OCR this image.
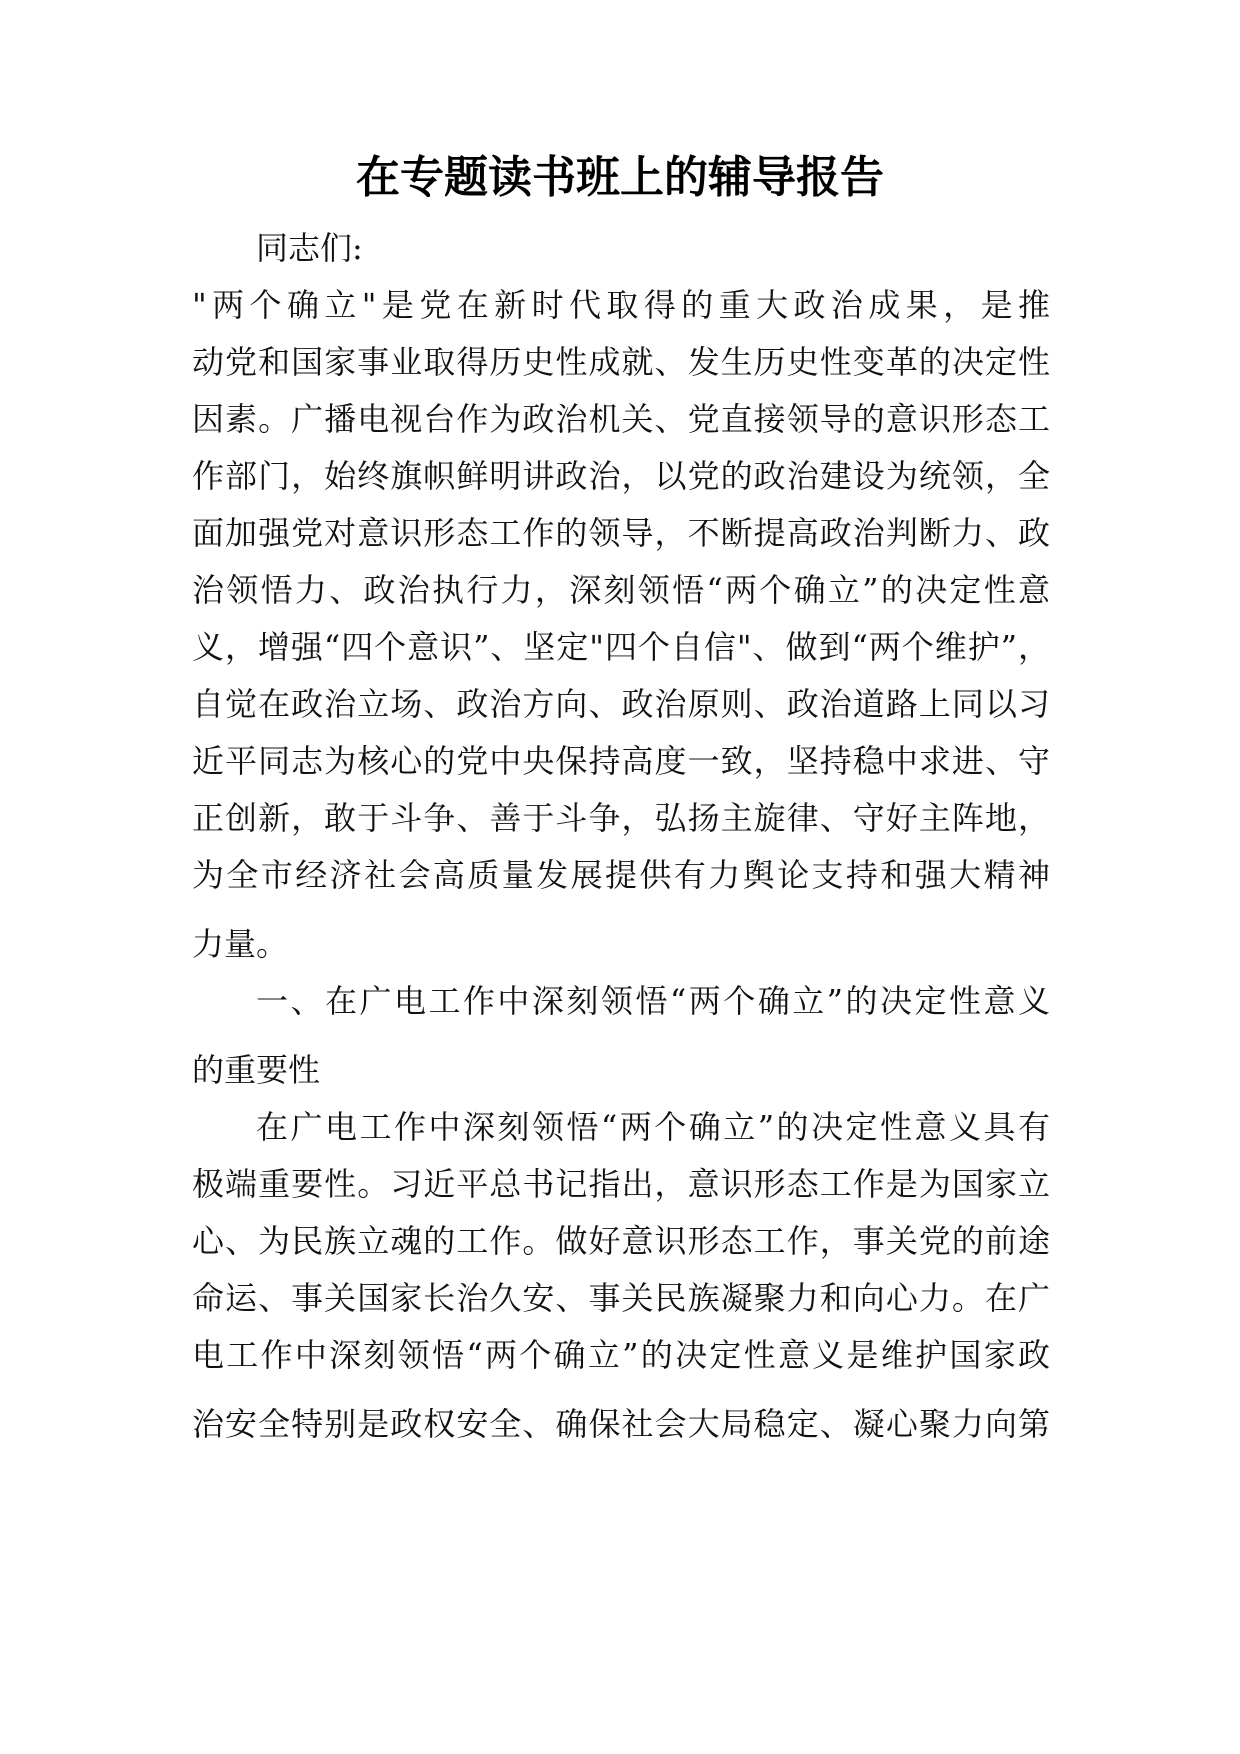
在专题读书班上的辅导报告
同志们:
"两个确立"是党在新时代取得的重大政治成果，是推
动党和国家事业取得历史性成就、发生历史性变革的决定性
因素。广播电视台作为政治机关、党直接领导的意识形态工
作部门，始终旗帜鲜明讲政治，以党的政治建设为统领，全
面加强党对意识形态工作的领导，不断提高政治判断力、政
治领悟力、政治执行力，深刻领悟“两个确立”的决定性意
义，增强“四个意识”、坚定"四个自信"、做到“两个维护”，
自觉在政治立场、政治方向、政治原则、政治道路上同以习
近平同志为核心的党中央保持高度一致，坚持稳中求进、守
正创新，敢于斗争、善于斗争，弘扬主旋律、守好主阵地，
为全市经济社会高质量发展提供有力舆论支持和强大精神
力量。
一、在广电工作中深刻领悟“两个确立”的决定性意义
的重要性
在广电工作中深刻领悟“两个确立”的决定性意义具有
极端重要性。习近平总书记指出，意识形态工作是为国家立
心、为民族立魂的工作。做好意识形态工作，事关党的前途
命运、事关国家长治久安、事关民族凝聚力和向心力。在广
电工作中深刻领悟“两个确立”的决定性意义是维护国家政
治安全特别是政权安全、确保社会大局稳定、凝心聚力向第
